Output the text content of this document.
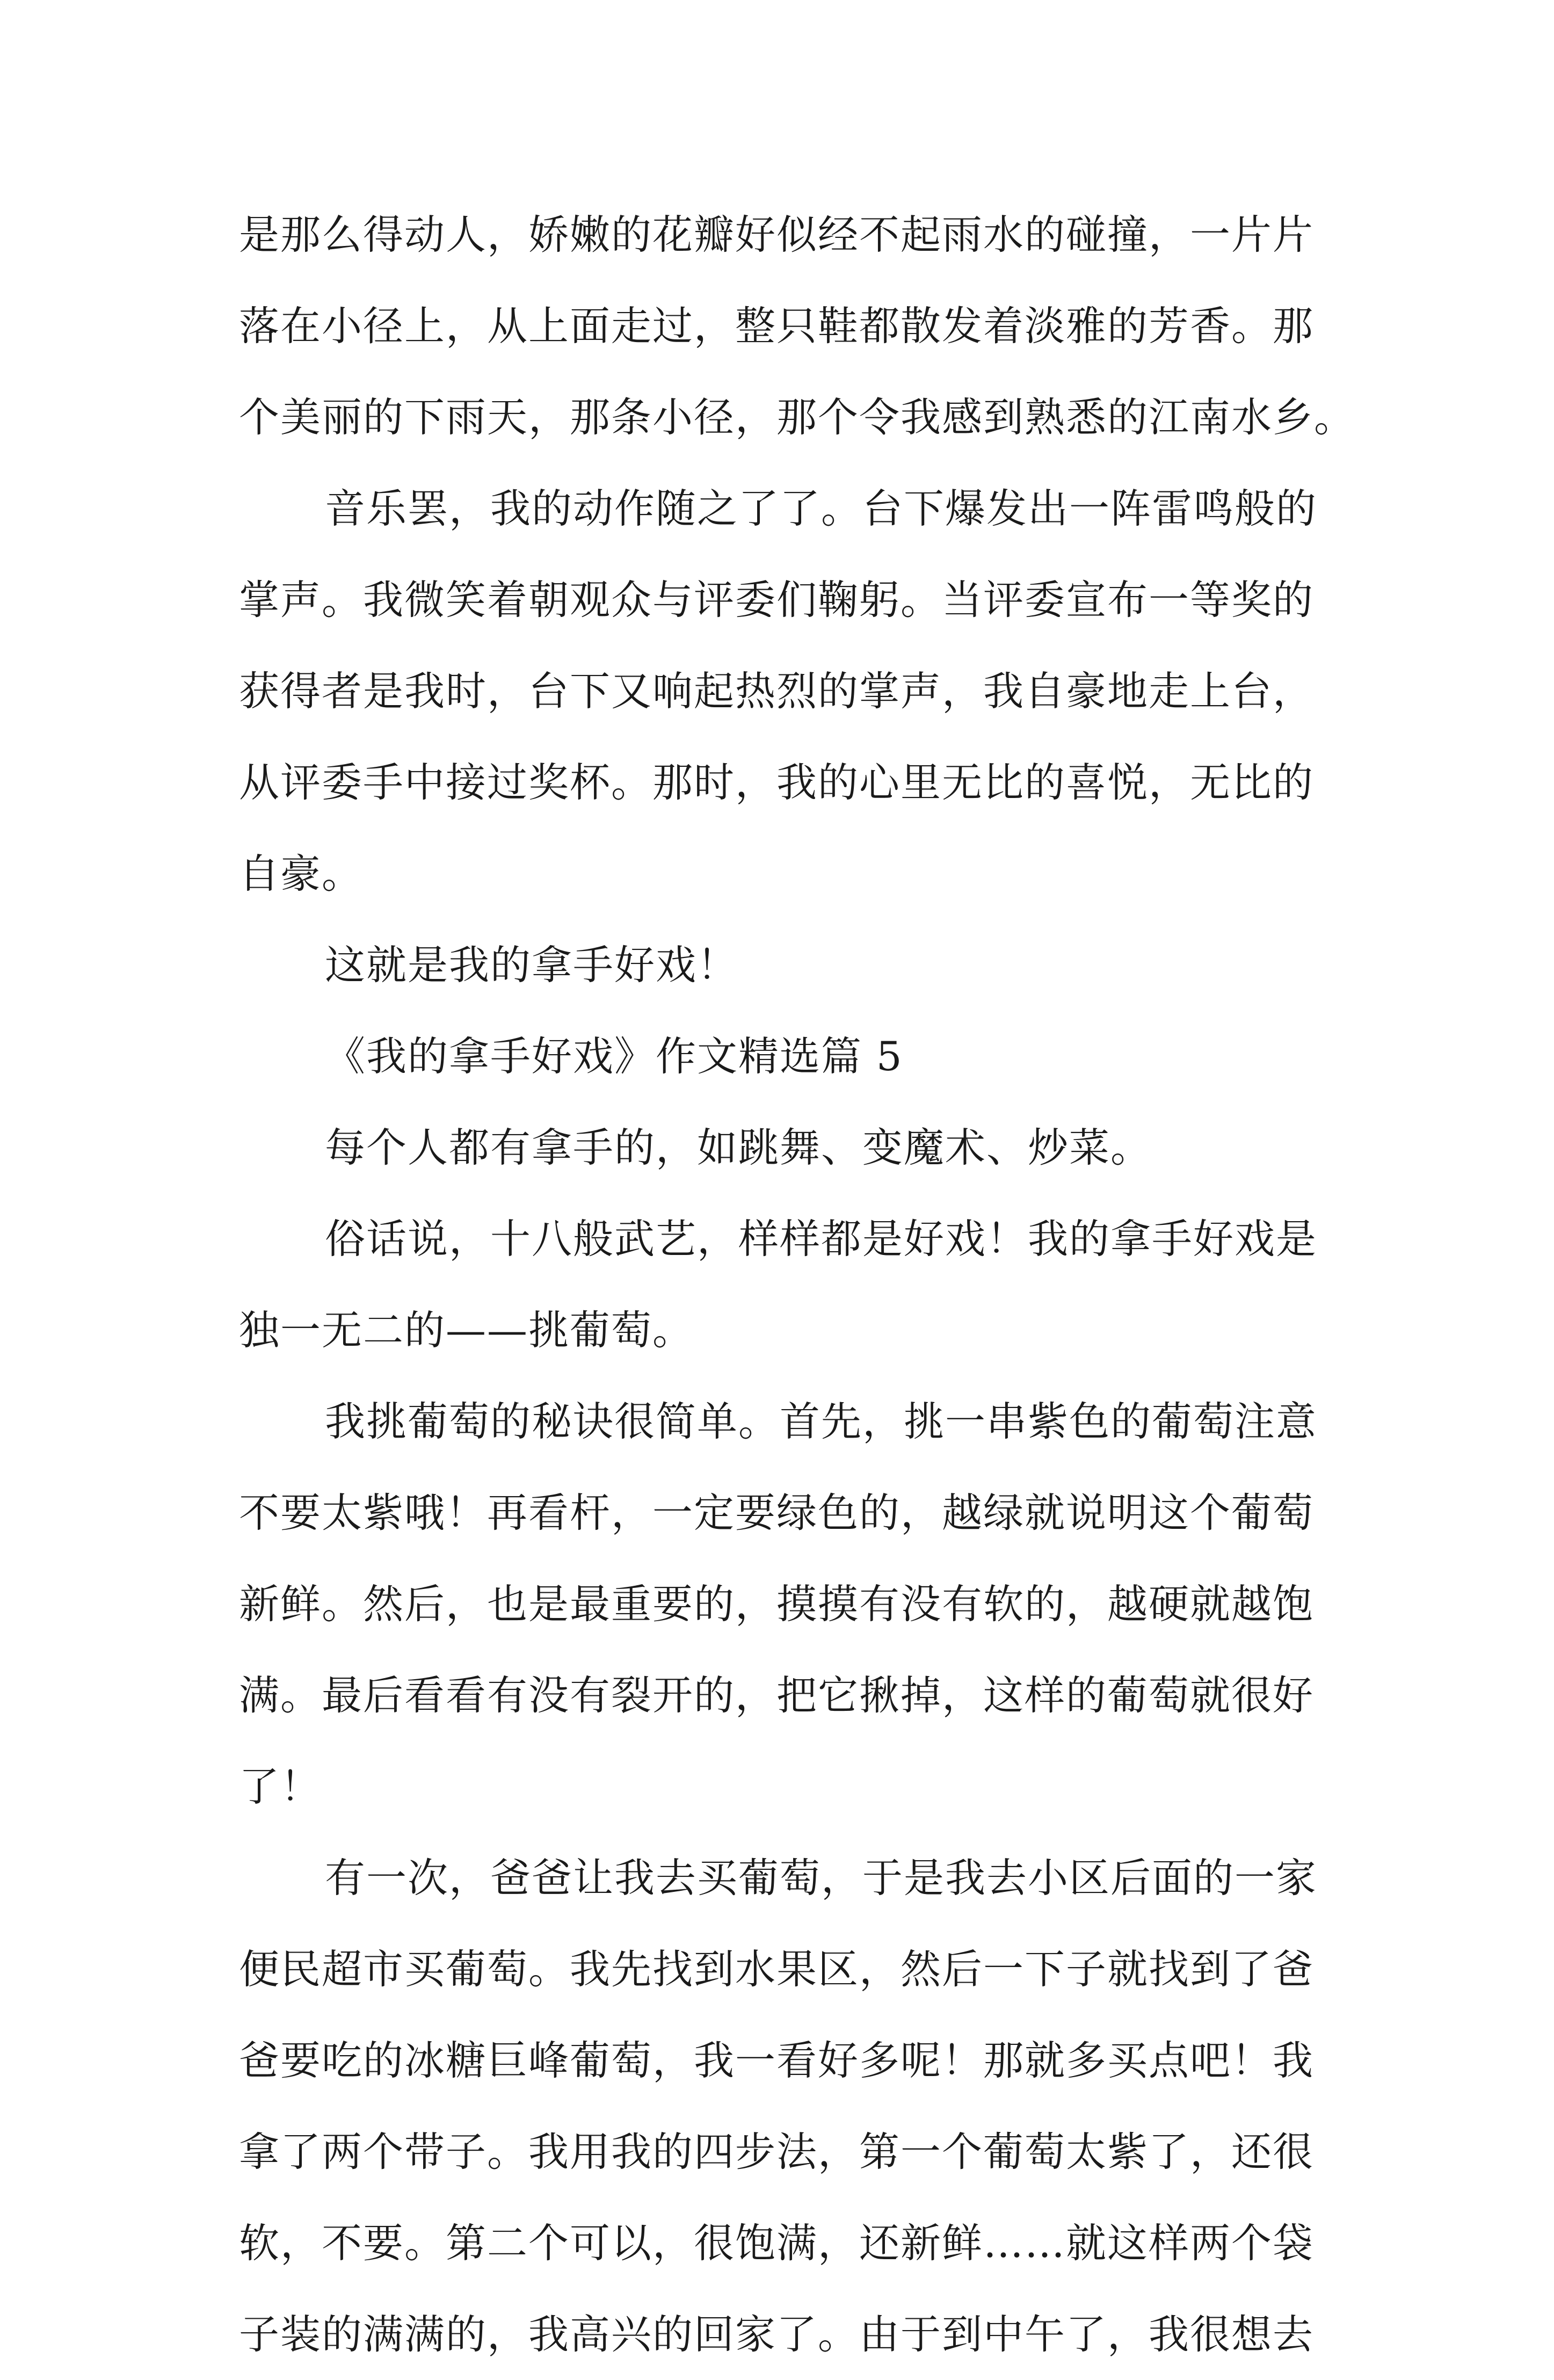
是那么得动人，娇嫩的花瓣好似经不起雨水的碰撞，一片片
落在小径上，从上面走过，整只鞋都散发着淡雅的芳香。那
个美丽的下雨天，那条小径，那个令我感到熟悉的江南水乡。
音乐罢，我的动作随之了了。台下爆发出一阵雷鸣般的
掌声。我微笑着朝观众与评委们鞠躬。当评委宣布一等奖的
获得者是我时，台下又响起热烈的掌声，我自豪地走上台，
从评委手中接过奖杯。那时，我的心里无比的喜悦，无比的
自豪。
这就是我的拿手好戏！
《我的拿手好戏》作文精选篇 5
每个人都有拿手的，如跳舞、变魔术、炒菜。
俗话说，十八般武艺，样样都是好戏！我的拿手好戏是
独一无二的——挑葡萄。
我挑葡萄的秘诀很简单。首先，挑一串紫色的葡萄注意
不要太紫哦！再看杆，一定要绿色的，越绿就说明这个葡萄
新鲜。然后，也是最重要的，摸摸有没有软的，越硬就越饱
满。最后看看有没有裂开的，把它揪掉，这样的葡萄就很好
了！
有一次，爸爸让我去买葡萄，于是我去小区后面的一家
便民超市买葡萄。我先找到水果区，然后一下子就找到了爸
爸要吃的冰糖巨峰葡萄，我一看好多呢！那就多买点吧！我
拿了两个带子。我用我的四步法，第一个葡萄太紫了，还很
软，不要。第二个可以，很饱满，还新鲜……就这样两个袋
子装的满满的，我高兴的回家了。由于到中午了，我很想去
